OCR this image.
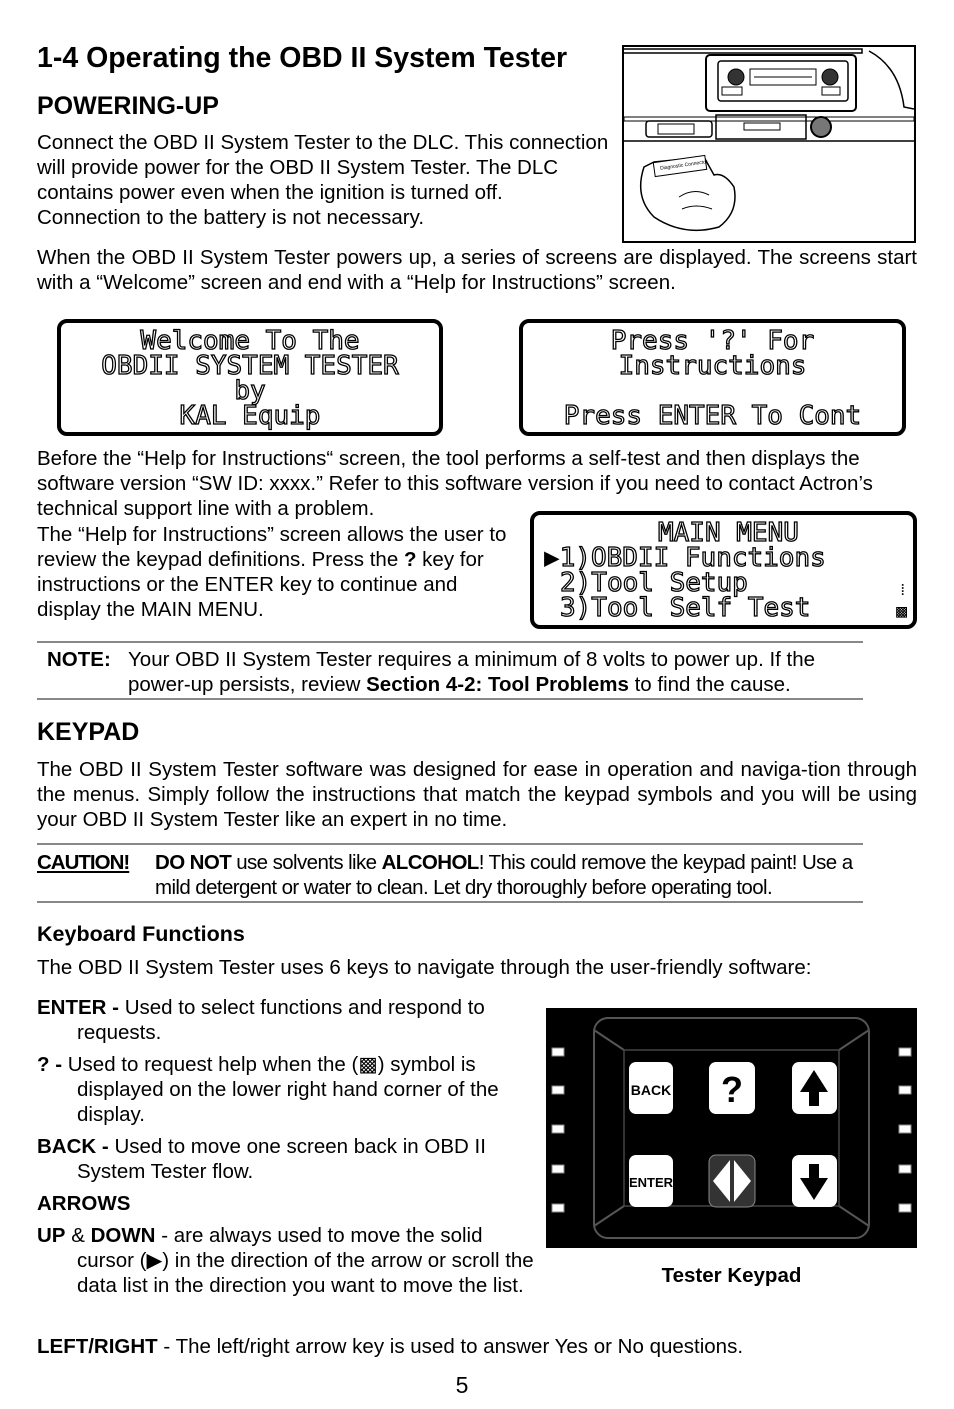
1-4 Operating the OBD II System Tester
POWERING-UP

Connect the OBD II System Tester to the DLC. This connection will provide power for the OBD II System Tester. The DLC contains power even when the ignition is turned off. Connection to the battery is not necessary.

Diagnostic Connector

When the OBD II System Tester powers up, a series of screens are displayed. The screens start with a “Welcome” screen and end with a “Help for Instructions” screen.

Welcome To The
OBDII SYSTEM TESTER
by
KAL Equip
Press '?' For
Instructions
Press ENTER To Cont

Before the “Help for Instructions“ screen, the tool performs a self-test and then displays the software version “SW ID: xxxx.” Refer to this software version if you need to contact Actron’s technical support line with a problem.

The “Help for Instructions” screen allows the user to review the keypad definitions. Press the ? key for instructions or the ENTER key to continue and display the MAIN MENU.

MAIN MENU
▶1)OBDII Functions
2)Tool Setup
3)Tool Self Test
⁞
▩
NOTE: Your OBD II System Tester requires a minimum of 8 volts to power up. If the power-up persists, review Section 4-2: Tool Problems to find the cause.

KEYPAD

The OBD II System Tester software was designed for ease in operation and naviga-tion through the menus. Simply follow the instructions that match the keypad symbols and you will be using your OBD II System Tester like an expert in no time.

CAUTION! DO NOT use solvents like ALCOHOL! This could remove the keypad paint! Use a mild detergent or water to clean. Let dry thoroughly before operating tool.

Keyboard Functions

The OBD II System Tester uses 6 keys to navigate through the user-friendly software:

ENTER - Used to select functions and respond to requests.

? - Used to request help when the (▩) symbol is displayed on the lower right hand corner of the display.

BACK - Used to move one screen back in OBD II System Tester flow.

ARROWS

UP & DOWN - are always used to move the solid cursor (▶) in the direction of the arrow or scroll the data list in the direction you want to move the list.

LEFT/RIGHT - The left/right arrow key is used to answer Yes or No questions.

BACK ?
ENTER
Tester Keypad
5
